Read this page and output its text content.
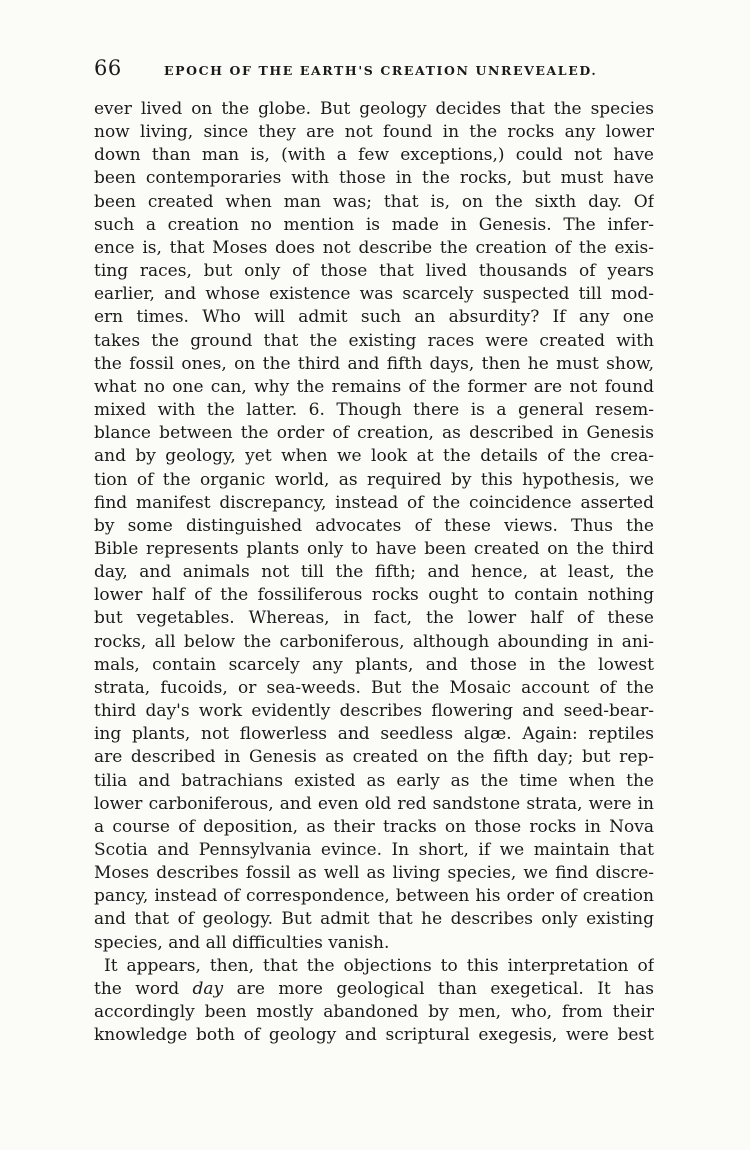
66	EPOCH OF THE EARTH'S CREATION UNREVEALED.
ever lived on the globe. But geology decides that the species
now living, since they are not found in the rocks any lower
down than man is, (with a few exceptions,) could not have
been contemporaries with those in the rocks, but must have
been created when man was; that is, on the sixth day. Of
such a creation no mention is made in Genesis. The infer-
ence is, that Moses does not describe the creation of the exis-
ting races, but only of those that lived thousands of years
earlier, and whose existence was scarcely suspected till mod-
ern times. Who will admit such an absurdity? If any one
takes the ground that the existing races were created with
the fossil ones, on the third and fifth days, then he must show,
what no one can, why the remains of the former are not found
mixed with the latter. 6. Though there is a general resem-
blance between the order of creation, as described in Genesis
and by geology, yet when we look at the details of the crea-
tion of the organic world, as required by this hypothesis, we
find manifest discrepancy, instead of the coincidence asserted
by some distinguished advocates of these views. Thus the
Bible represents plants only to have been created on the third
day, and animals not till the fifth; and hence, at least, the
lower half of the fossiliferous rocks ought to contain nothing
but vegetables. Whereas, in fact, the lower half of these
rocks, all below the carboniferous, although abounding in ani-
mals, contain scarcely any plants, and those in the lowest
strata, fucoids, or sea-weeds. But the Mosaic account of the
third day's work evidently describes flowering and seed-bear-
ing plants, not flowerless and seedless algæ. Again: reptiles
are described in Genesis as created on the fifth day; but rep-
tilia and batrachians existed as early as the time when the
lower carboniferous, and even old red sandstone strata, were in
a course of deposition, as their tracks on those rocks in Nova
Scotia and Pennsylvania evince. In short, if we maintain that
Moses describes fossil as well as living species, we find discre-
pancy, instead of correspondence, between his order of creation
and that of geology. But admit that he describes only existing
species, and all difficulties vanish.
It appears, then, that the objections to this interpretation of
the word day are more geological than exegetical. It has
accordingly been mostly abandoned by men, who, from their
knowledge both of geology and scriptural exegesis, were best
